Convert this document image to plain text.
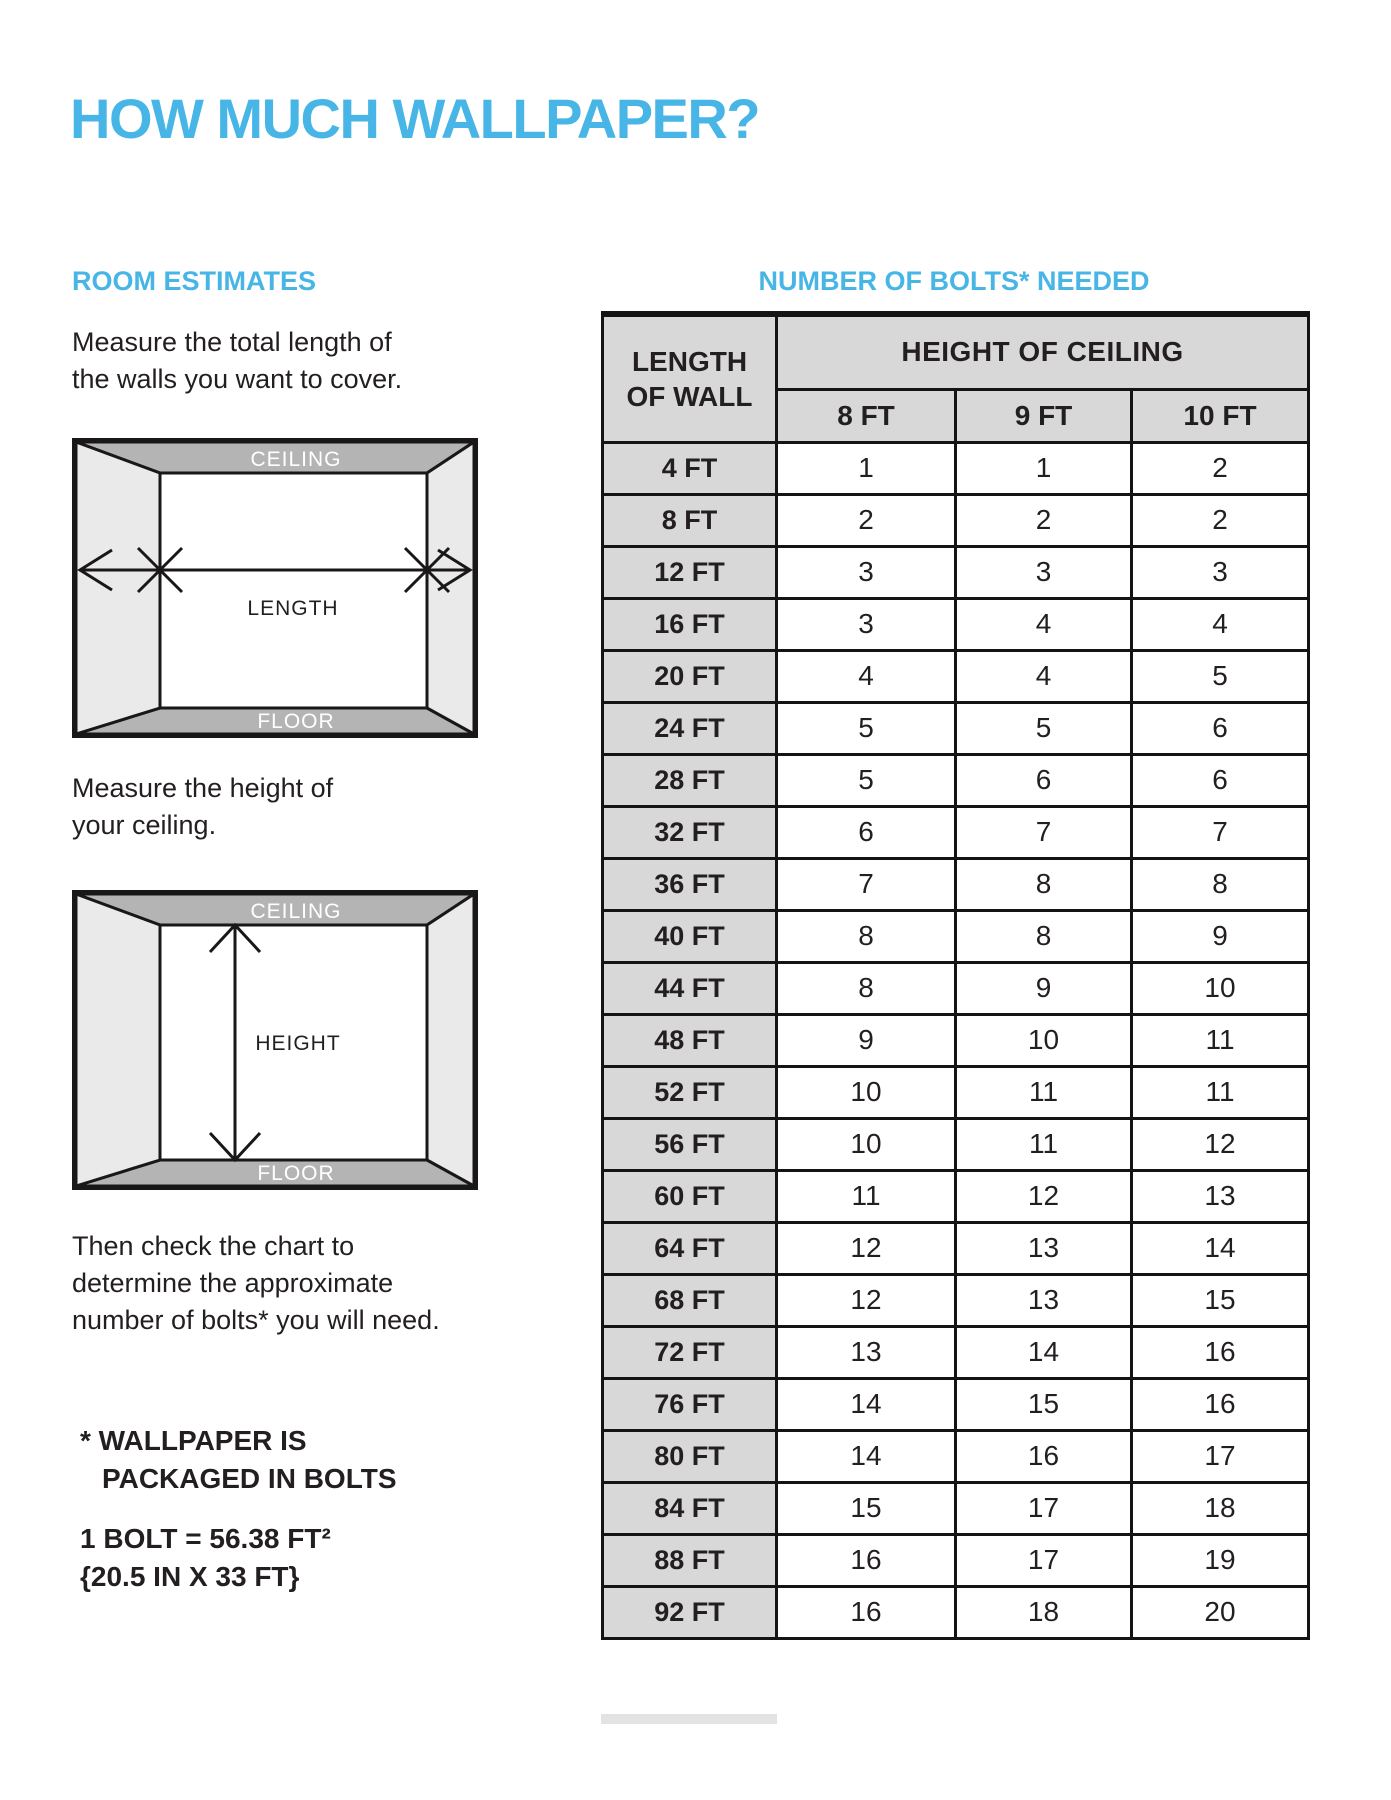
HOW MUCH WALLPAPER?
ROOM ESTIMATES	NUMBER OF BOLTS* NEEDED
Measure the total length of
the walls you want to cover.
CEILING
FLOOR
LENGTH
Measure the height of
your ceiling.
CEILING
FLOOR
HEIGHT
Then check the chart to
determine the approximate
number of bolts* you will need.
* WALLPAPER IS
PACKAGED IN BOLTS
1 BOLT = 56.38 FT²
{20.5 IN X 33 FT}
LENGTH
OF WALL	HEIGHT OF CEILING		
	8 FT	9 FT	10 FT
4 FT	1	1	2
8 FT	2	2	2
12 FT	3	3	3
16 FT	3	4	4
20 FT	4	4	5
24 FT	5	5	6
28 FT	5	6	6
32 FT	6	7	7
36 FT	7	8	8
40 FT	8	8	9
44 FT	8	9	10
48 FT	9	10	11
52 FT	10	11	11
56 FT	10	11	12
60 FT	11	12	13
64 FT	12	13	14
68 FT	12	13	15
72 FT	13	14	16
76 FT	14	15	16
80 FT	14	16	17
84 FT	15	17	18
88 FT	16	17	19
92 FT	16	18	20
